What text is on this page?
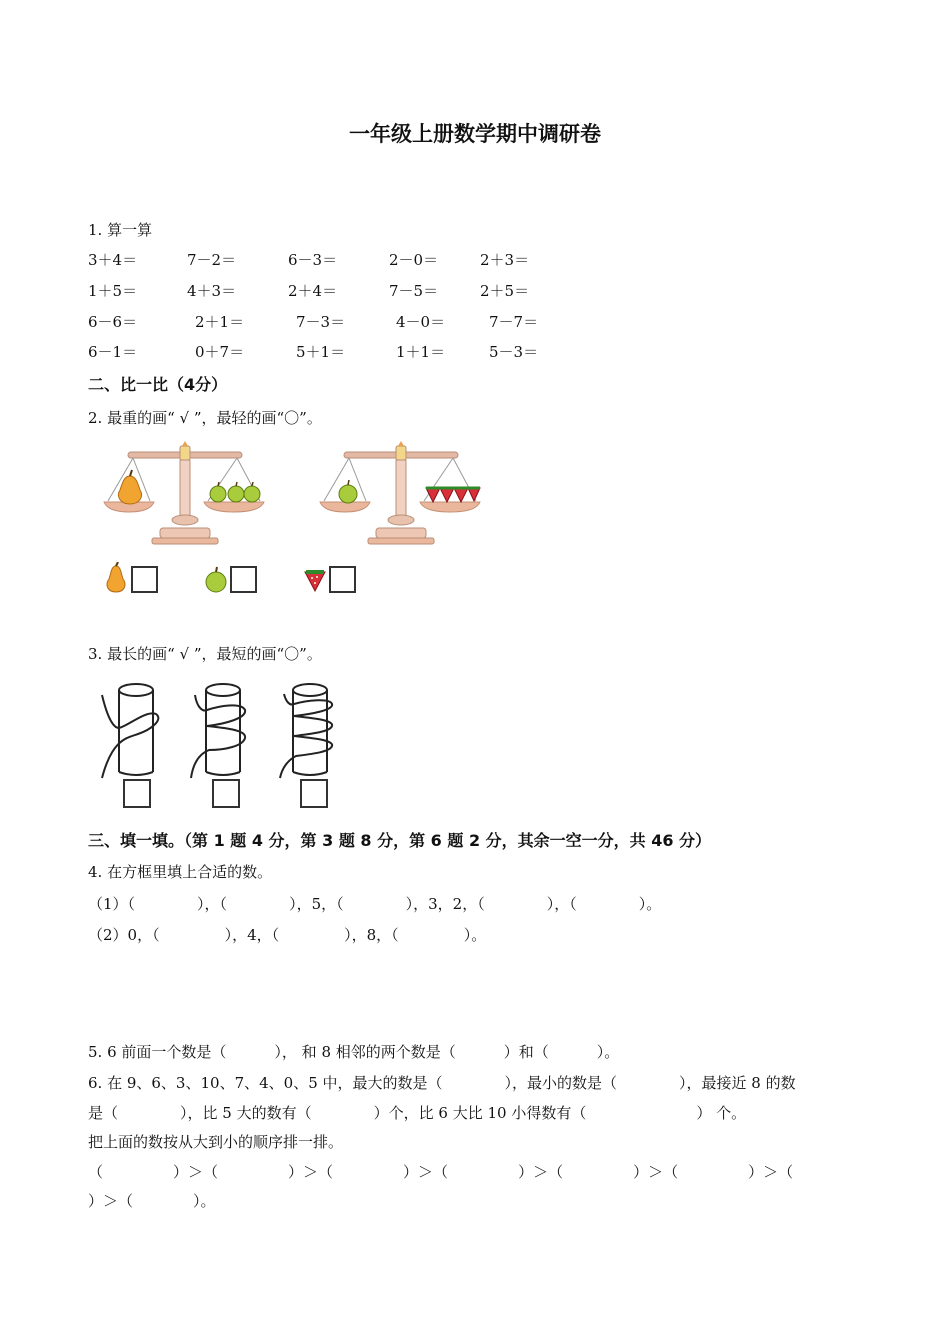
一年级上册数学期中调研卷
1. 算一算
3＋4＝	7－2＝	6－3＝	2－0＝	2＋3＝
1＋5＝	4＋3＝	2＋4＝	7－5＝	2＋5＝
6－6＝	2＋1＝	7－3＝	4－0＝	7－7＝
6－1＝	0＋7＝	5＋1＝	1＋1＝	5－3＝
二、比一比（4分）
2. 最重的画“ √ ”，最轻的画“〇”。
3. 最长的画“ √ ”，最短的画“〇”。
三、填一填。（第 1 题 4 分，第 3 题 8 分，第 6 题 2 分，其余一空一分，共 46 分）
4. 在方框里填上合适的数。
（1）（	），（	），5，（	），3，2，（	），（	）。
（2）0，（	），4，（	），8，（	）。
5. 6 前面一个数是（	）， 和 8 相邻的两个数是（	）和（	）。
6. 在 9、6、3、10、7、4、0、5 中，最大的数是（	），最小的数是（	），最接近 8 的数
是（	），比 5 大的数有（	）个，比 6 大比 10 小得数有（	） 个。
把上面的数按从大到小的顺序排一排。
（	）＞（	）＞（	）＞（	）＞（	）＞（	）＞（
）＞（	）。
